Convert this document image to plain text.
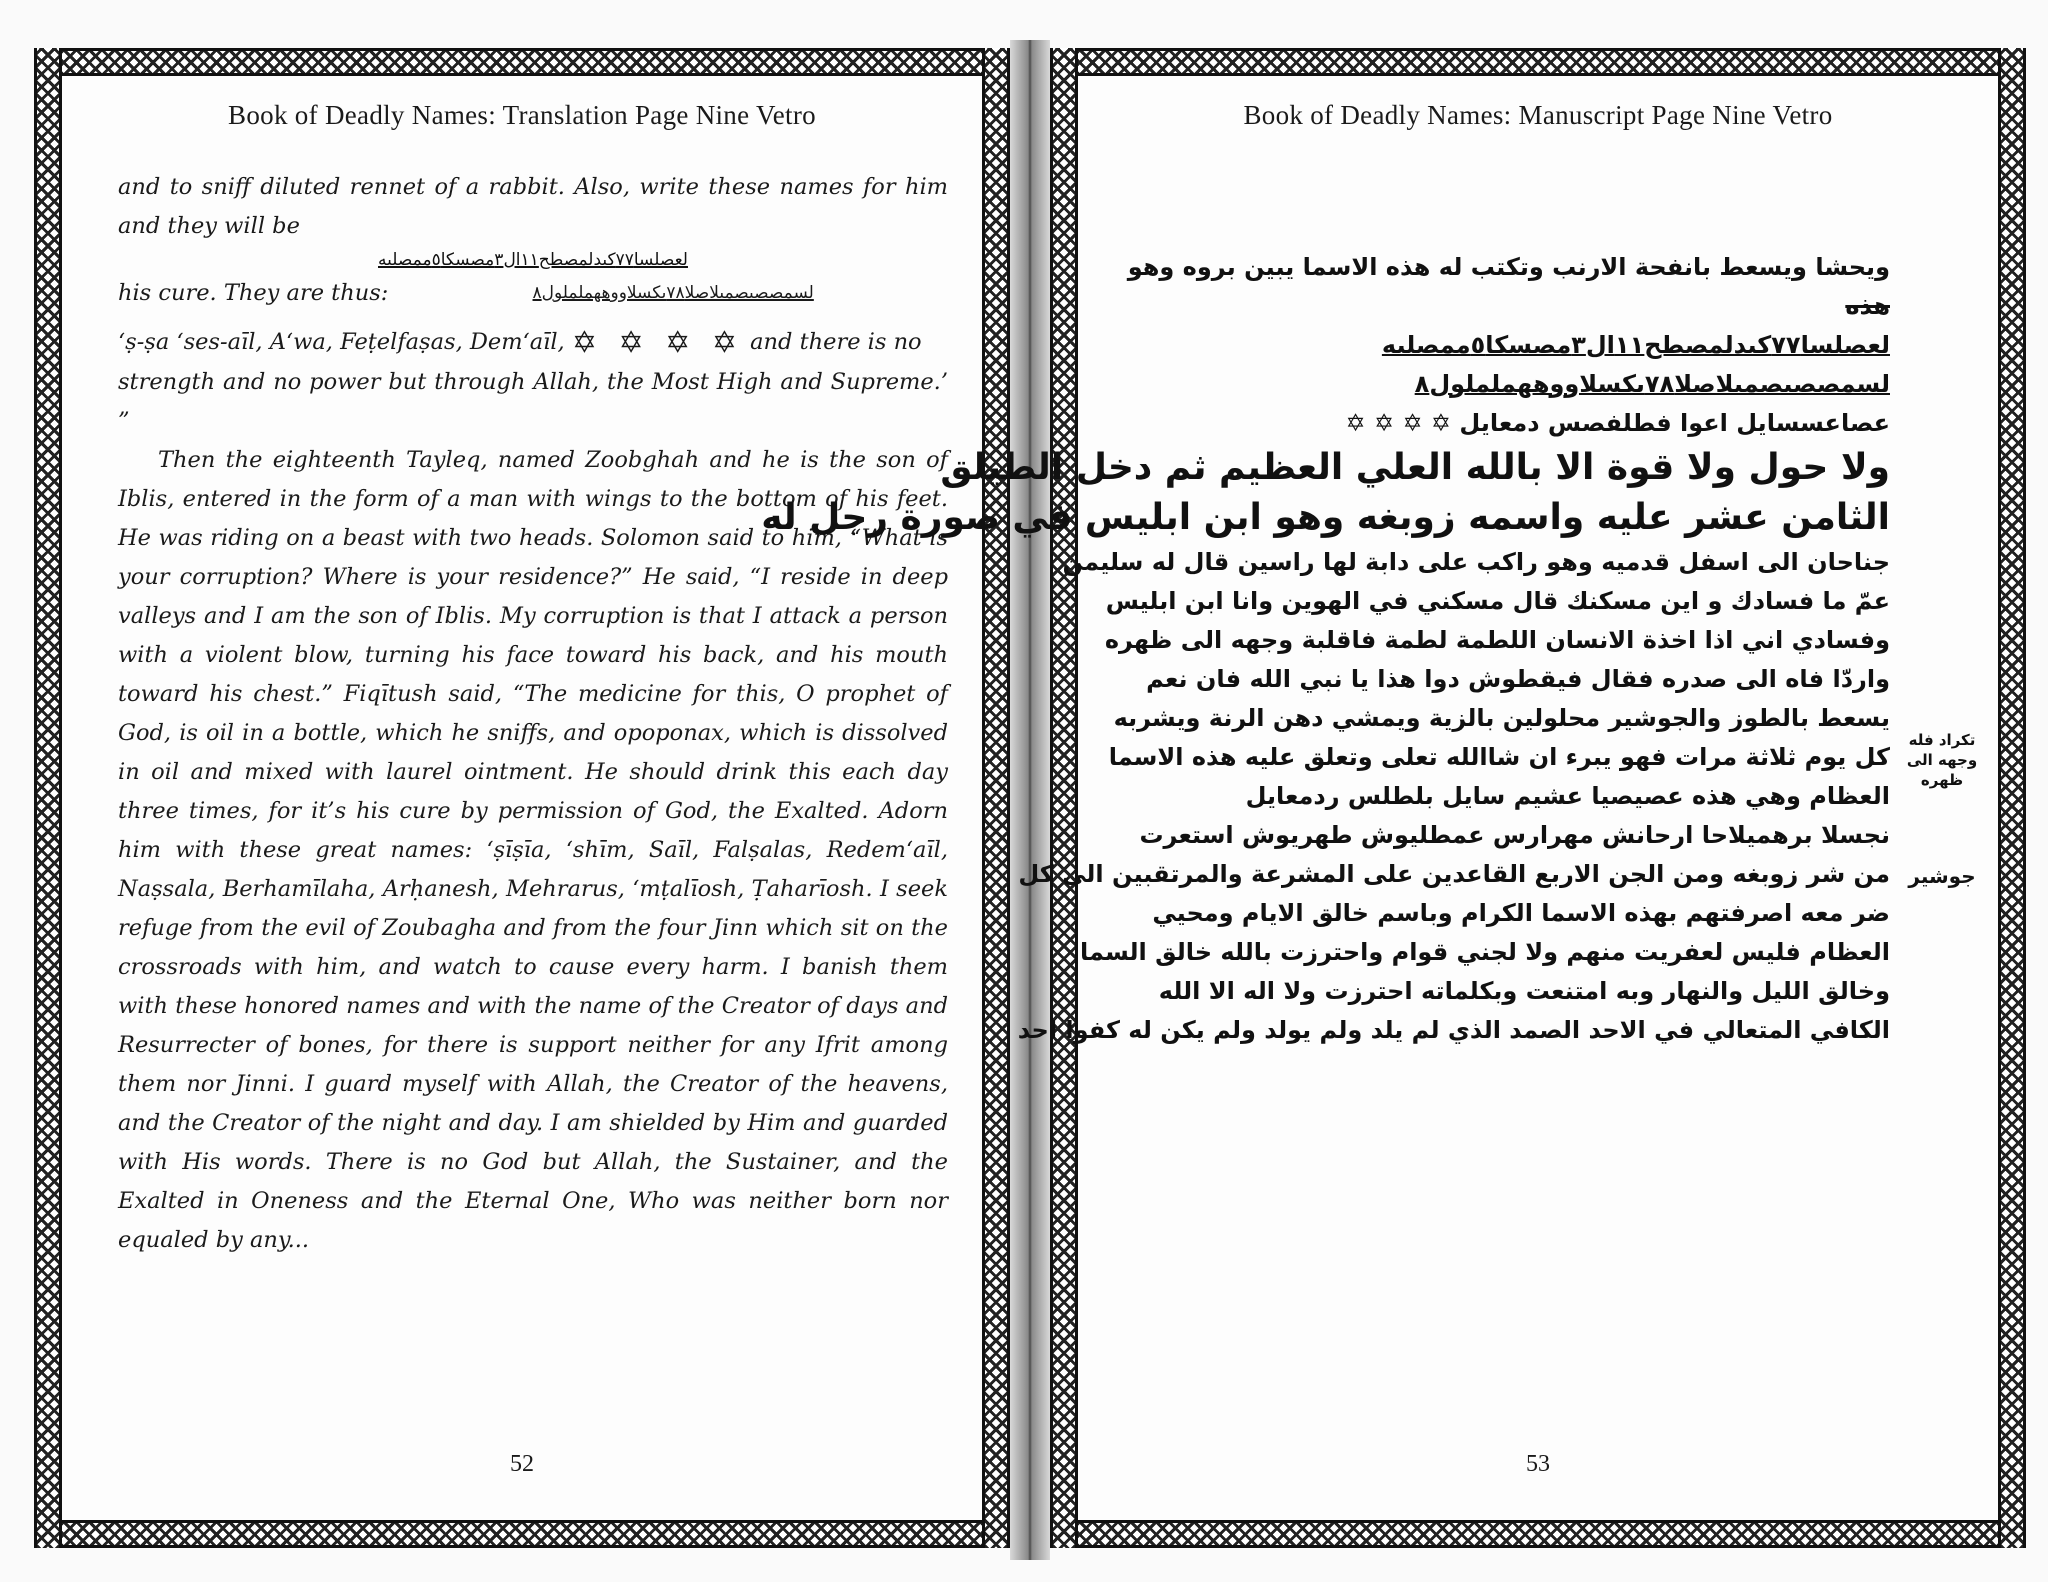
Book of Deadly Names: Translation Page Nine Vetro

and to sniff diluted rennet of a rabbit. Also, write these names for him and they will be

لعصلسا٧٧كىدلمصطح١١ال٣مصسكا٥ممصلىه

his cure. They are thus:	لسمصصىصمىلاصلا٧٨ىكسلاووھهململول٨

‘ṣ-ṣa ‘ses-aīl, A‘wa, Feṭelfaṣas, Dem‘aīl, ✡ ✡ ✡ ✡ and there is no

strength and no power but through Allah, the Most High and Supreme.’ ”

Then the eighteenth Tayleq, named Zoobghah and he is the son of Iblis, entered in the form of a man with wings to the bottom of his feet. He was riding on a beast with two heads. Solomon said to him, “What is your corruption? Where is your residence?” He said, “I reside in deep valleys and I am the son of Iblis. My corruption is that I attack a person with a violent blow, turning his face toward his back, and his mouth toward his chest.” Fiqītush said, “The medicine for this, O prophet of God, is oil in a bottle, which he sniffs, and opoponax, which is dissolved in oil and mixed with laurel ointment. He should drink this each day three times, for it’s his cure by permission of God, the Exalted. Adorn him with these great names: ‘ṣīṣīa, ‘shīm, Saīl, Falṣalas, Redem‘aīl, Naṣsala, Berhamīlaha, Arḥanesh, Mehrarus, ‘mṭalīosh, Ṭaharīosh. I seek refuge from the evil of Zoubagha and from the four Jinn which sit on the crossroads with him, and watch to cause every harm. I banish them with these honored names and with the name of the Creator of days and Resurrecter of bones, for there is support neither for any Ifrit among them nor Jinni. I guard myself with Allah, the Creator of the heavens, and the Creator of the night and day. I am shielded by Him and guarded with His words. There is no God but Allah, the Sustainer, and the Exalted in Oneness and the Eternal One, Who was neither born nor equaled by any...

52
Book of Deadly Names: Manuscript Page Nine Vetro

ويحشا ويسعط بانفحة الارنب وتكتب له هذه الاسما يبين بروه وهو

هذه

لعصلسا٧٧كىدلمصطح١١ال٣مصسكا٥ممصلىه

لسمصصىصمىلاصلا٧٨ىكسلاووھهململول٨

عصاعسسايل اعوا فطلفصس دمعايل ✡ ✡ ✡ ✡

ولا حول ولا قوة الا بالله العلي العظيم ثم دخل الطيلق

الثامن عشر عليه واسمه زوبغه وهو ابن ابليس في صورة رجل له

جناحان الى اسفل قدميه وهو راكب على دابة لها راسين قال له سليمن

عمّ ما فسادك و اين مسكنك قال مسكني في الهوين وانا ابن ابليس

وفسادي اني اذا اخذة الانسان اللطمة لطمة فاقلبة وجهه الى ظهره

واردّا فاه الى صدره فقال فيقطوش دوا هذا يا نبي الله فان نعم

يسعط بالطوز والجوشير محلولين بالزية ويمشي دهن الرنة ويشربه

كل يوم ثلاثة مرات فهو يبرء ان شاالله تعلى وتعلق عليه هذه الاسما

العظام وهي هذه عصيصيا عشيم سايل بلطلس ردمعايل

نجسلا برهميلاحا ارحانش مهرارس عمطليوش طهريوش استعرت

من شر زوبغه ومن الجن الاربع القاعدين على المشرعة والمرتقبين الى كل

ضر معه اصرفتهم بهذه الاسما الكرام وباسم خالق الايام ومحيي

العظام فليس لعفريت منهم ولا لجني قوام واحترزت بالله خالق السما

وخالق الليل والنهار وبه امتنعت وبكلماته احترزت ولا اله الا الله

الكافي المتعالي في الاحد الصمد الذي لم يلد ولم يولد ولم يكن له كفوا احد

تكراد فله وجهه الى ظهره
جوشير
53
